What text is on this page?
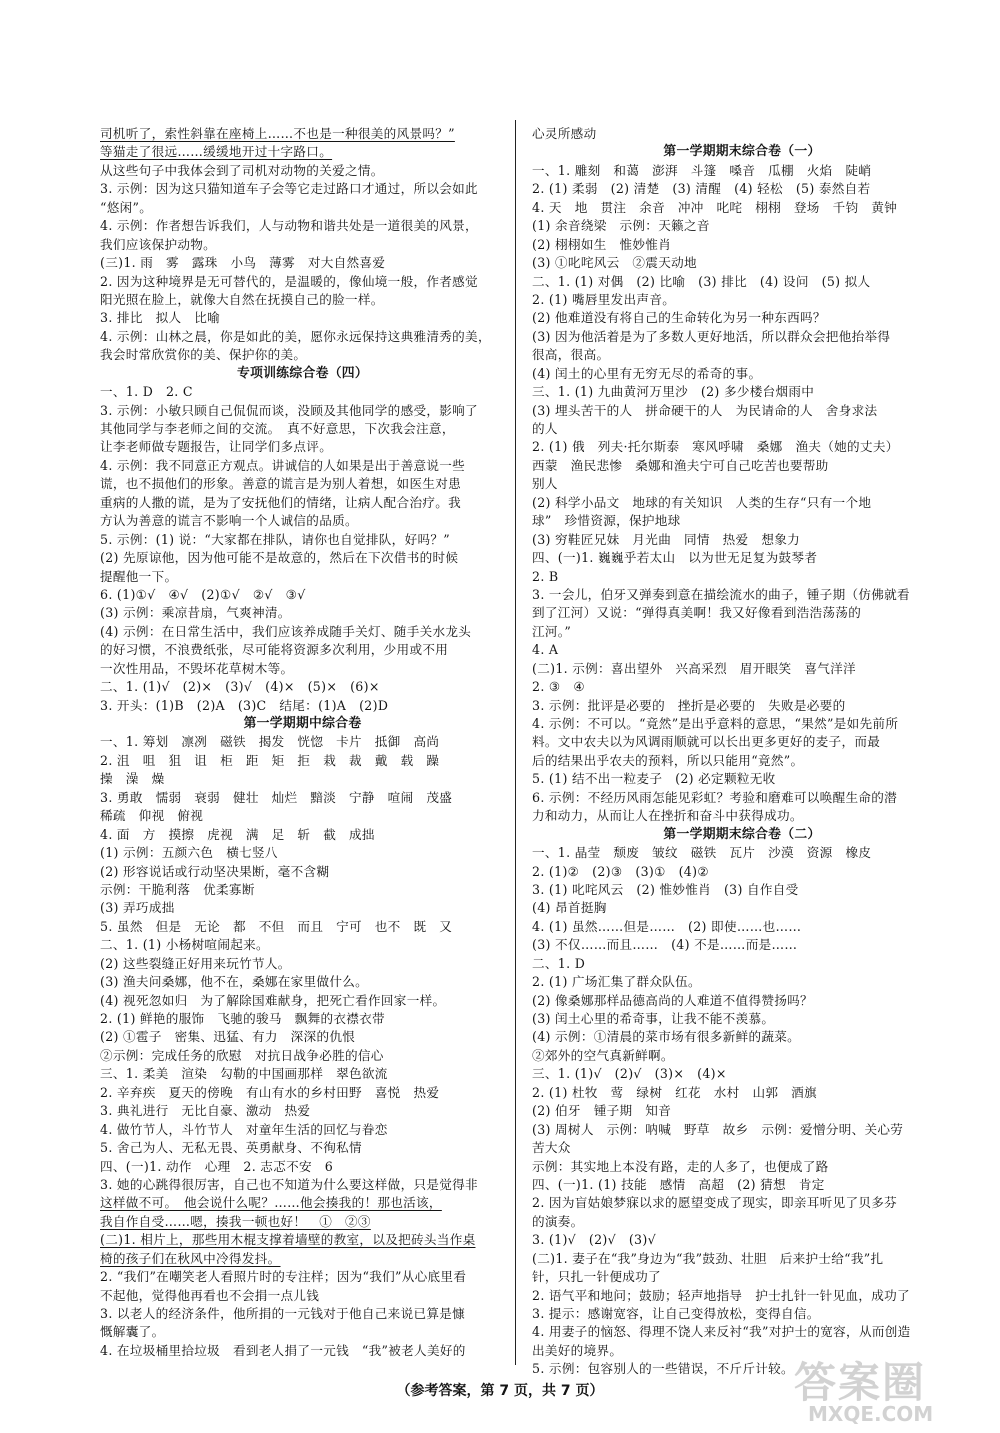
司机听了，索性斜靠在座椅上……不也是一种很美的风景吗？”
等猫走了很远……缓缓地开过十字路口。
从这些句子中我体会到了司机对动物的关爱之情。
3. 示例：因为这只猫知道车子会等它走过路口才通过，所以会如此
“悠闲”。
4. 示例：作者想告诉我们，人与动物和谐共处是一道很美的风景，
我们应该保护动物。
(三)1. 雨　雾　露珠　小鸟　薄雾　对大自然喜爱
2. 因为这种境界是无可替代的，是温暖的，像仙境一般，作者感觉
阳光照在脸上，就像大自然在抚摸自己的脸一样。
3. 排比　拟人　比喻
4. 示例：山林之晨，你是如此的美，愿你永远保持这典雅清秀的美，
我会时常欣赏你的美、保护你的美。
专项训练综合卷（四）
一、1. D　2. C
3. 示例：小敏只顾自己侃侃而谈，没顾及其他同学的感受，影响了
其他同学与李老师之间的交流。　真不好意思，下次我会注意，
让李老师做专题报告，让同学们多点评。
4. 示例：我不同意正方观点。讲诚信的人如果是出于善意说一些
谎，也不损他们的形象。善意的谎言是为别人着想，如医生对患
重病的人撒的谎，是为了安抚他们的情绪，让病人配合治疗。我
方认为善意的谎言不影响一个人诚信的品质。
5. 示例：(1) 说：“大家都在排队，请你也自觉排队，好吗？”
(2) 先原谅他，因为他可能不是故意的，然后在下次借书的时候
提醒他一下。
6. (1)①√　④√　(2)①√　②√　③√
(3) 示例：乘凉昔扇，气爽神清。
(4) 示例：在日常生活中，我们应该养成随手关灯、随手关水龙头
的好习惯，不浪费纸张，尽可能将资源多次利用，少用或不用
一次性用品，不毁坏花草树木等。
二、1. (1)√　(2)×　(3)√　(4)×　(5)×　(6)×
3. 开头：(1)B　(2)A　(3)C　结尾：(1)A　(2)D
第一学期期中综合卷
一、1. 筹划　凛冽　磁铁　揭发　恍惚　卡片　抵御　高尚
2. 沮　咀　狙　诅　柜　距　矩　拒　栽　裁　戴　载　躁
操　澡　燥
3. 勇敢　懦弱　衰弱　健壮　灿烂　黯淡　宁静　喧闹　茂盛
稀疏　仰视　俯视
4. 面　方　摸擦　虎视　满　足　斩　截　成拙
(1) 示例：五颜六色　横七竖八
(2) 形容说话或行动坚决果断，毫不含糊
示例：干脆利落　优柔寡断
(3) 弄巧成拙
5. 虽然　但是　无论　都　不但　而且　宁可　也不　既　又
二、1. (1) 小杨树喧闹起来。
(2) 这些裂缝正好用来玩竹节人。
(3) 渔夫问桑娜，他不在，桑娜在家里做什么。
(4) 视死忽如归　为了解除国难献身，把死亡看作回家一样。
2. (1) 鲜艳的服饰　飞驰的骏马　飘舞的衣襟衣带
(2) ①雹子　密集、迅猛、有力　深深的仇恨
②示例：完成任务的欣慰　对抗日战争必胜的信心
三、1. 柔美　渲染　勾勒的中国画那样　翠色欲流
2. 辛弃疾　夏天的傍晚　有山有水的乡村田野　喜悦　热爱
3. 典礼进行　无比自豪、激动　热爱
4. 做竹节人，斗竹节人　对童年生活的回忆与眷恋
5. 舍己为人、无私无畏、英勇献身、不徇私情
四、(一)1. 动作　心理　2. 志忑不安　6
3. 她的心跳得很厉害，自己也不知道为什么要这样做，只是觉得非
这样做不可。　他会说什么呢？……他会揍我的！那也活该，
我自作自受……嗯，揍我一顿也好！　①　②③
(二)1. 相片上，那些用木棍支撑着墙壁的教室，以及把砖头当作桌
椅的孩子们在秋风中冷得发抖。
2. “我们”在嘲笑老人看照片时的专注样；因为“我们”从心底里看
不起他，觉得他再看也不会捐一点儿钱
3. 以老人的经济条件，他所捐的一元钱对于他自己来说已算是慷
慨解囊了。
4. 在垃圾桶里拾垃圾　看到老人捐了一元钱　“我”被老人美好的
心灵所感动
第一学期期末综合卷（一）
一、1. 雕刻　和蔼　澎湃　斗篷　嗓音　瓜棚　火焰　陡峭
2. (1) 柔弱　(2) 清楚　(3) 清醒　(4) 轻松　(5) 泰然自若
4. 天　地　贯注　余音　冲冲　叱咤　栩栩　登场　千钧　黄钟
(1) 余音绕梁　示例：天籁之音
(2) 栩栩如生　惟妙惟肖
(3) ①叱咤风云　②震天动地
二、1. (1) 对偶　(2) 比喻　(3) 排比　(4) 设问　(5) 拟人
2. (1) 嘴唇里发出声音。
(2) 他难道没有将自己的生命转化为另一种东西吗？
(3) 因为他活着是为了多数人更好地活，所以群众会把他抬举得
很高，很高。
(4) 闰土的心里有无穷无尽的希奇的事。
三、1. (1) 九曲黄河万里沙　(2) 多少楼台烟雨中
(3) 埋头苦干的人　拼命硬干的人　为民请命的人　舍身求法
的人
2. (1) 俄　列夫·托尔斯泰　寒风呼啸　桑娜　渔夫（她的丈夫）
西蒙　渔民悲惨　桑娜和渔夫宁可自己吃苦也要帮助
别人
(2) 科学小品文　地球的有关知识　人类的生存“只有一个地
球”　珍惜资源，保护地球
(3) 穷鞋匠兄妹　月光曲　同情　热爱　想象力
四、(一)1. 巍巍乎若太山　以为世无足复为鼓琴者
2. B
3. 一会儿，伯牙又弹奏到意在描绘流水的曲子，锺子期（仿佛就看
到了江河）又说：“弹得真美啊！我又好像看到浩浩荡荡的
江河。”
4. A
(二)1. 示例：喜出望外　兴高采烈　眉开眼笑　喜气洋洋
2. ③　④
3. 示例：批评是必要的　挫折是必要的　失败是必要的
4. 示例：不可以。“竟然”是出乎意料的意思，“果然”是如先前所
料。文中农夫以为风调雨顺就可以长出更多更好的麦子，而最
后的结果出乎农夫的预料，所以只能用“竟然”。
5. (1) 结不出一粒麦子　(2) 必定颗粒无收
6. 示例：不经历风雨怎能见彩虹？考验和磨难可以唤醒生命的潜
力和动力，从而让人在挫折和奋斗中获得成功。
第一学期期末综合卷（二）
一、1. 晶莹　颓废　皱纹　磁铁　瓦片　沙漠　资源　橡皮
2. (1)②　(2)③　(3)①　(4)②
3. (1) 叱咤风云　(2) 惟妙惟肖　(3) 自作自受
(4) 昂首挺胸
4. (1) 虽然……但是……　(2) 即使……也……
(3) 不仅……而且……　(4) 不是……而是……
二、1. D
2. (1) 广场汇集了群众队伍。
(2) 像桑娜那样品德高尚的人难道不值得赞扬吗？
(3) 闰土心里的希奇事，让我不能不羡慕。
(4) 示例：①清晨的菜市场有很多新鲜的蔬菜。
②郊外的空气真新鲜啊。
三、1. (1)√　(2)√　(3)×　(4)×
2. (1) 杜牧　莺　绿树　红花　水村　山郭　酒旗
(2) 伯牙　锺子期　知音
(3) 周树人　示例：呐喊　野草　故乡　示例：爱憎分明、关心劳
苦大众
示例：其实地上本没有路，走的人多了，也便成了路
四、(一)1. (1) 技能　感情　高超　(2) 猜想　肯定
2. 因为盲姑娘梦寐以求的愿望变成了现实，即亲耳听见了贝多芬
的演奏。
3. (1)√　(2)√　(3)√
(二)1. 妻子在“我”身边为“我”鼓劲、壮胆　后来护士给“我”扎
针，只扎一针便成功了
2. 语气平和地问；鼓励；轻声地指导　护士扎针一针见血，成功了
3. 提示：感谢宽容，让自己变得放松，变得自信。
4. 用妻子的恼怒、得理不饶人来反衬“我”对护士的宽容，从而创造
出美好的境界。
5. 示例：包容别人的一些错误，不斤斤计较。
（参考答案，第 7 页，共 7 页）	答案圈
MXQE.COM
